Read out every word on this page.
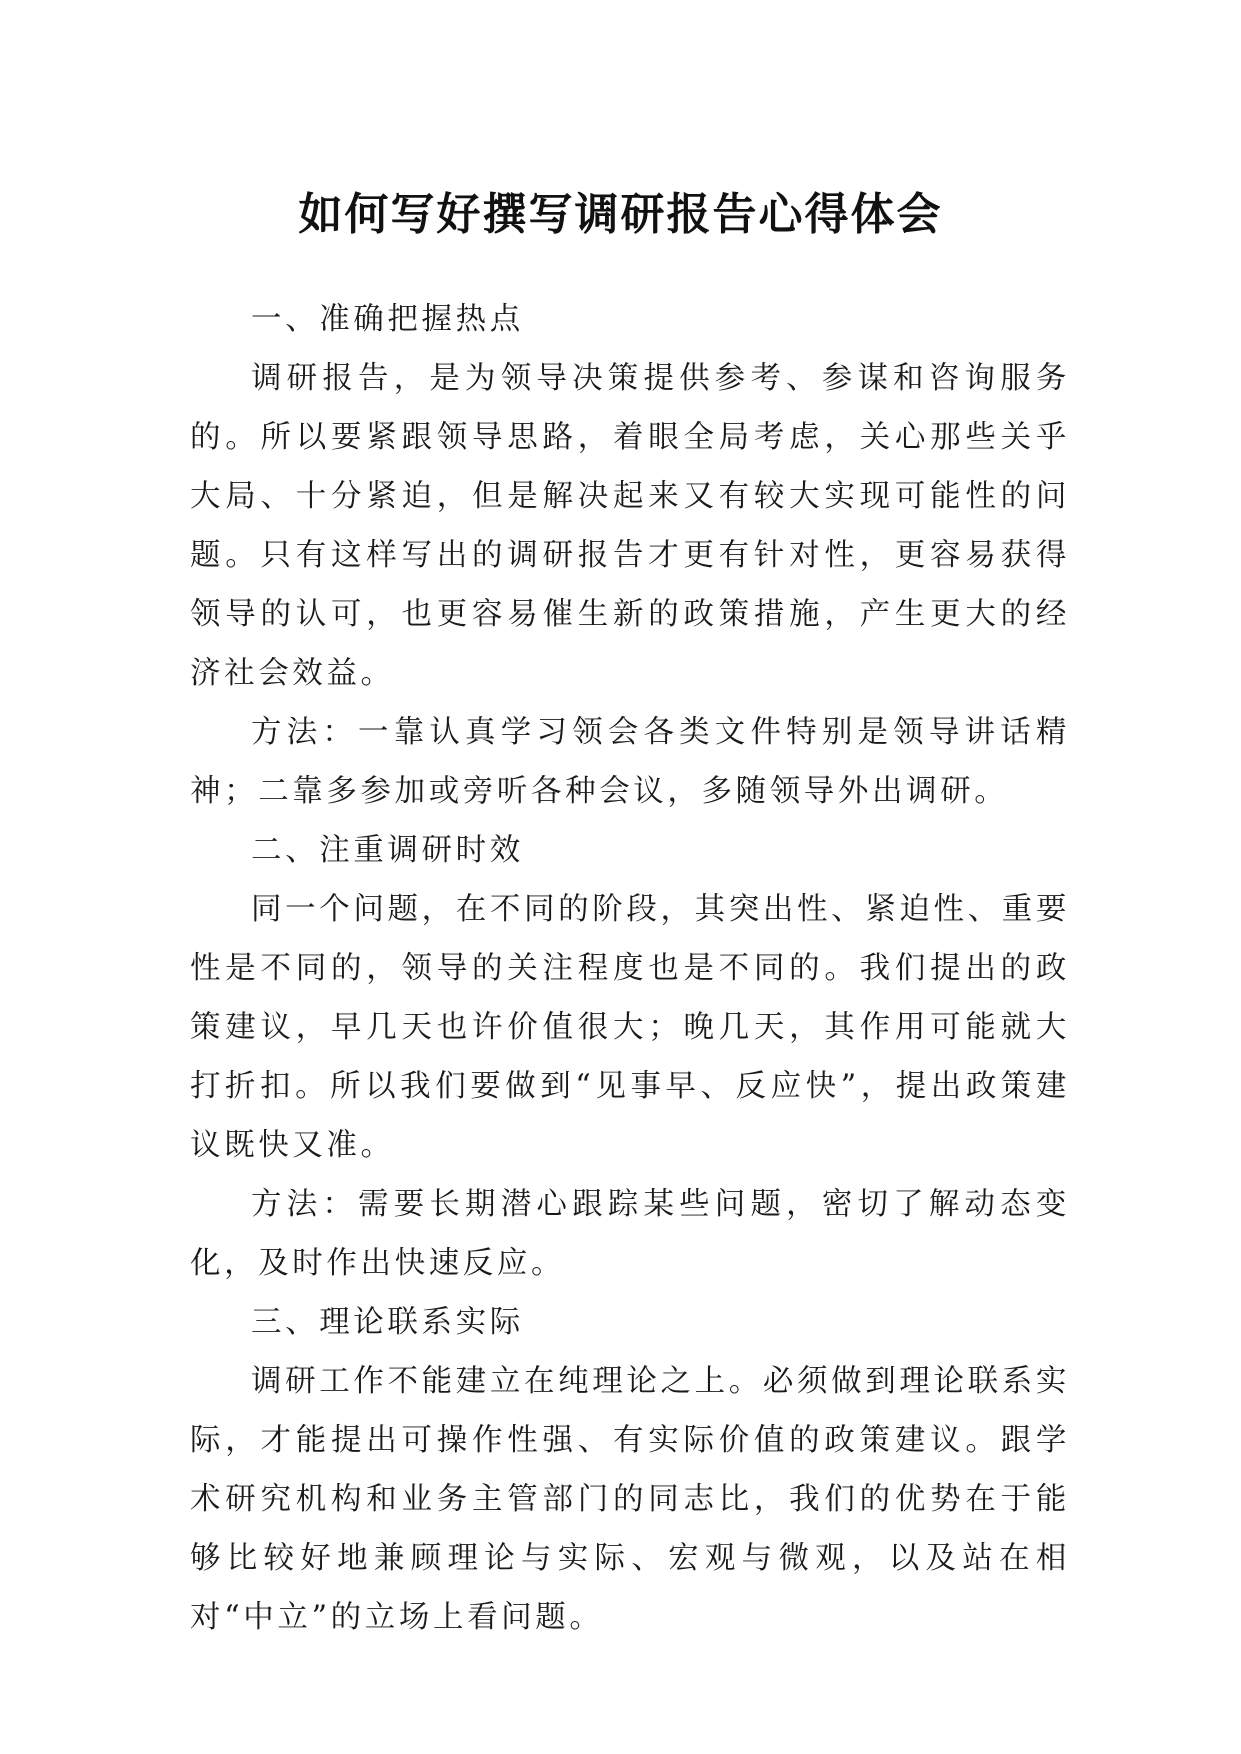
如何写好撰写调研报告心得体会

一、准确把握热点

调研报告，是为领导决策提供参考、参谋和咨询服务的。所以要紧跟领导思路，着眼全局考虑，关心那些关乎大局、十分紧迫，但是解决起来又有较大实现可能性的问题。只有这样写出的调研报告才更有针对性，更容易获得领导的认可，也更容易催生新的政策措施，产生更大的经济社会效益。

方法：一靠认真学习领会各类文件特别是领导讲话精神；二靠多参加或旁听各种会议，多随领导外出调研。

二、注重调研时效

同一个问题，在不同的阶段，其突出性、紧迫性、重要性是不同的，领导的关注程度也是不同的。我们提出的政策建议，早几天也许价值很大；晚几天，其作用可能就大打折扣。所以我们要做到“见事早、反应快”，提出政策建议既快又准。

方法：需要长期潜心跟踪某些问题，密切了解动态变化，及时作出快速反应。

三、理论联系实际

调研工作不能建立在纯理论之上。必须做到理论联系实际，才能提出可操作性强、有实际价值的政策建议。跟学术研究机构和业务主管部门的同志比，我们的优势在于能够比较好地兼顾理论与实际、宏观与微观，以及站在相对“中立”的立场上看问题。
